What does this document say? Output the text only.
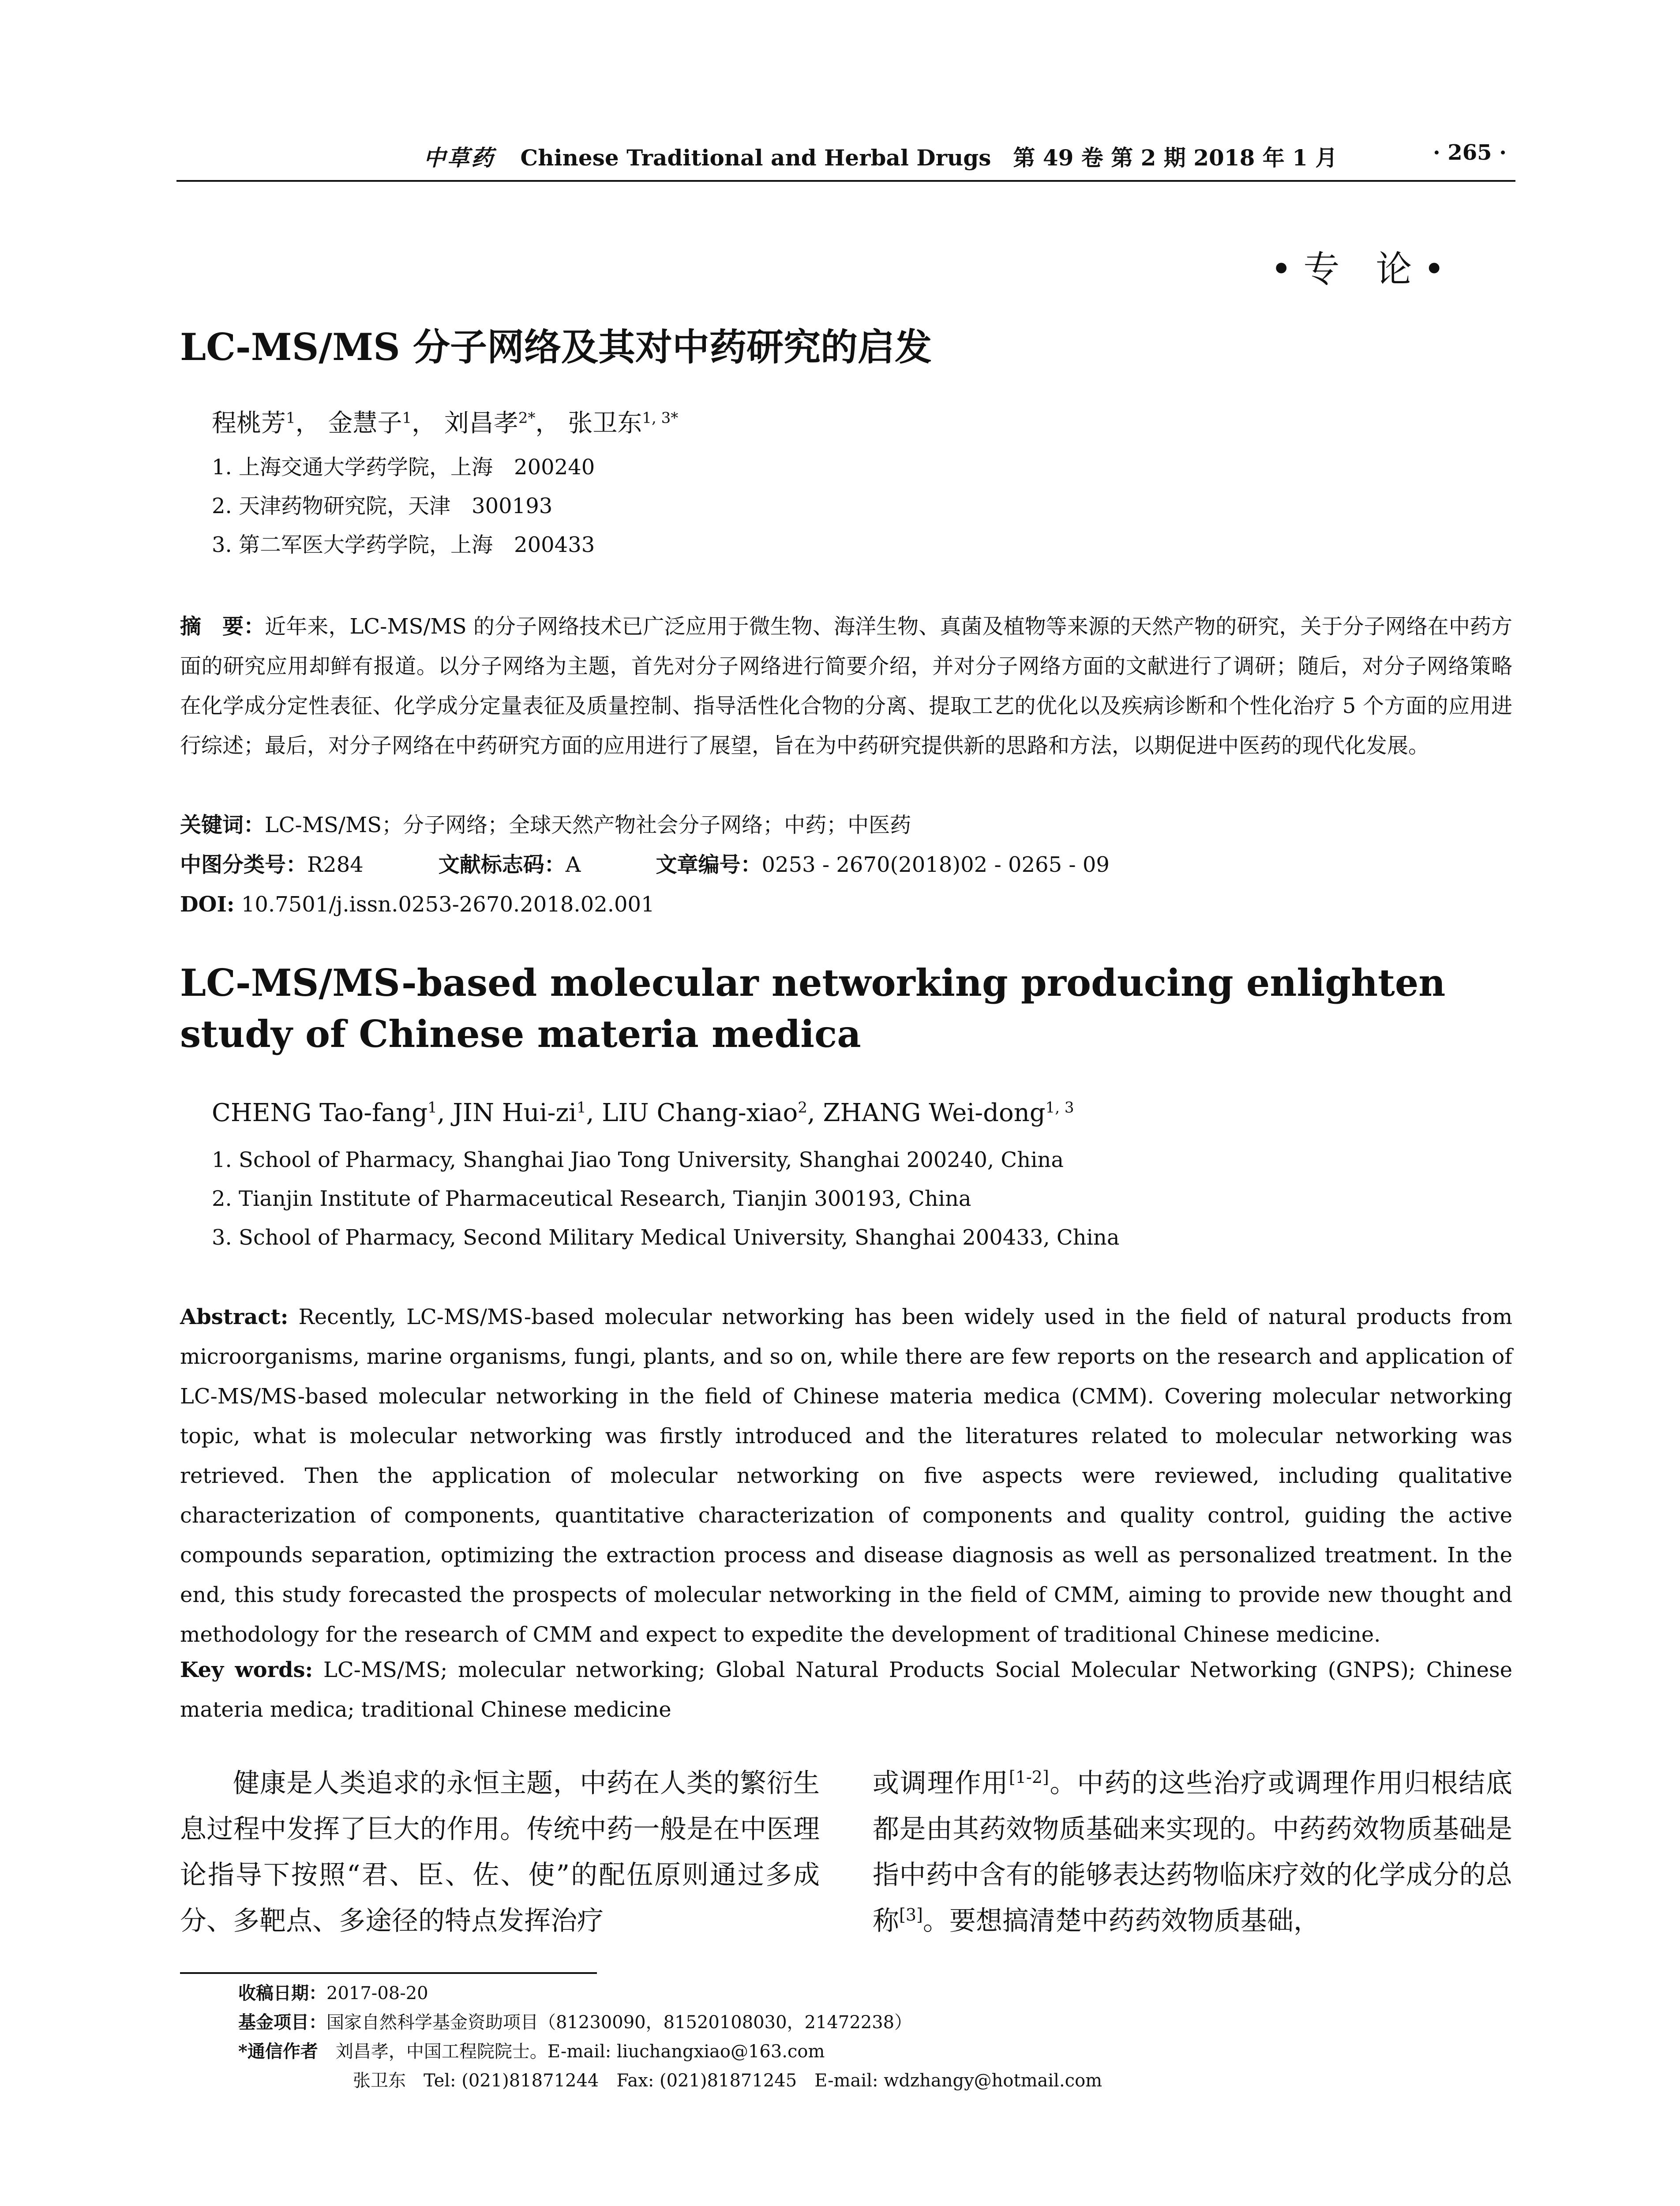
中草药 Chinese Traditional and Herbal Drugs　第 49 卷 第 2 期 2018 年 1 月	· 265 ·
• 专　论 •
LC-MS/MS 分子网络及其对中药研究的启发
程桃芳$^1$， 金慧子$^1$， 刘昌孝$^{2*}$， 张卫东$^{1, 3*}$
1. 上海交通大学药学院，上海　200240
2. 天津药物研究院，天津　300193
3. 第二军医大学药学院，上海　200433
摘　要：近年来，LC-MS/MS 的分子网络技术已广泛应用于微生物、海洋生物、真菌及植物等来源的天然产物的研究，关于分子网络在中药方面的研究应用却鲜有报道。以分子网络为主题，首先对分子网络进行简要介绍，并对分子网络方面的文献进行了调研；随后，对分子网络策略在化学成分定性表征、化学成分定量表征及质量控制、指导活性化合物的分离、提取工艺的优化以及疾病诊断和个性化治疗 5 个方面的应用进行综述；最后，对分子网络在中药研究方面的应用进行了展望，旨在为中药研究提供新的思路和方法，以期促进中医药的现代化发展。
关键词：LC-MS/MS；分子网络；全球天然产物社会分子网络；中药；中医药
中图分类号：R284	文献标志码：A	文章编号：0253 - 2670(2018)02 - 0265 - 09
DOI: 10.7501/j.issn.0253-2670.2018.02.001
LC-MS/MS-based molecular networking producing enlighten study of Chinese materia medica
CHENG Tao-fang$^1$, JIN Hui-$zi^1$, LIU Chang-xiao$^2$, ZHANG Wei-dong$^{1, 3}$
1. School of Pharmacy, Shanghai Jiao Tong University, Shanghai 200240, China
2. Tianjin Institute of Pharmaceutical Research, Tianjin 300193, China
3. School of Pharmacy, Second Military Medical University, Shanghai 200433, China
Abstract: Recently, LC-MS/MS-based molecular networking has been widely used in the field of natural products from microorganisms, marine organisms, fungi, plants, and so on, while there are few reports on the research and application of LC-MS/MS-based molecular networking in the field of Chinese materia medica (CMM). Covering molecular networking topic, what is molecular networking was firstly introduced and the literatures related to molecular networking was retrieved. Then the application of molecular networking on five aspects were reviewed, including qualitative characterization of components, quantitative characterization of components and quality control, guiding the active compounds separation, optimizing the extraction process and disease diagnosis as well as personalized treatment. In the end, this study forecasted the prospects of molecular networking in the field of CMM, aiming to provide new thought and methodology for the research of CMM and expect to expedite the development of traditional Chinese medicine.
Key words: LC-MS/MS; molecular networking; Global Natural Products Social Molecular Networking (GNPS); Chinese materia medica; traditional Chinese medicine
健康是人类追求的永恒主题，中药在人类的繁衍生息过程中发挥了巨大的作用。传统中药一般是在中医理论指导下按照“君、臣、佐、使”的配伍原则通过多成分、多靶点、多途径的特点发挥治疗
或调理作用[1-2]。中药的这些治疗或调理作用归根结底都是由其药效物质基础来实现的。中药药效物质基础是指中药中含有的能够表达药物临床疗效的化学成分的总称[3]。要想搞清楚中药药效物质基础，
收稿日期：2017-08-20
基金项目：国家自然科学基金资助项目（81230090，81520108030，21472238）
*通信作者　刘昌孝，中国工程院院士。E-mail: liuchangxiao@163.com
张卫东　Tel: (021)81871244　Fax: (021)81871245　E-mail: wdzhangy@hotmail.com
